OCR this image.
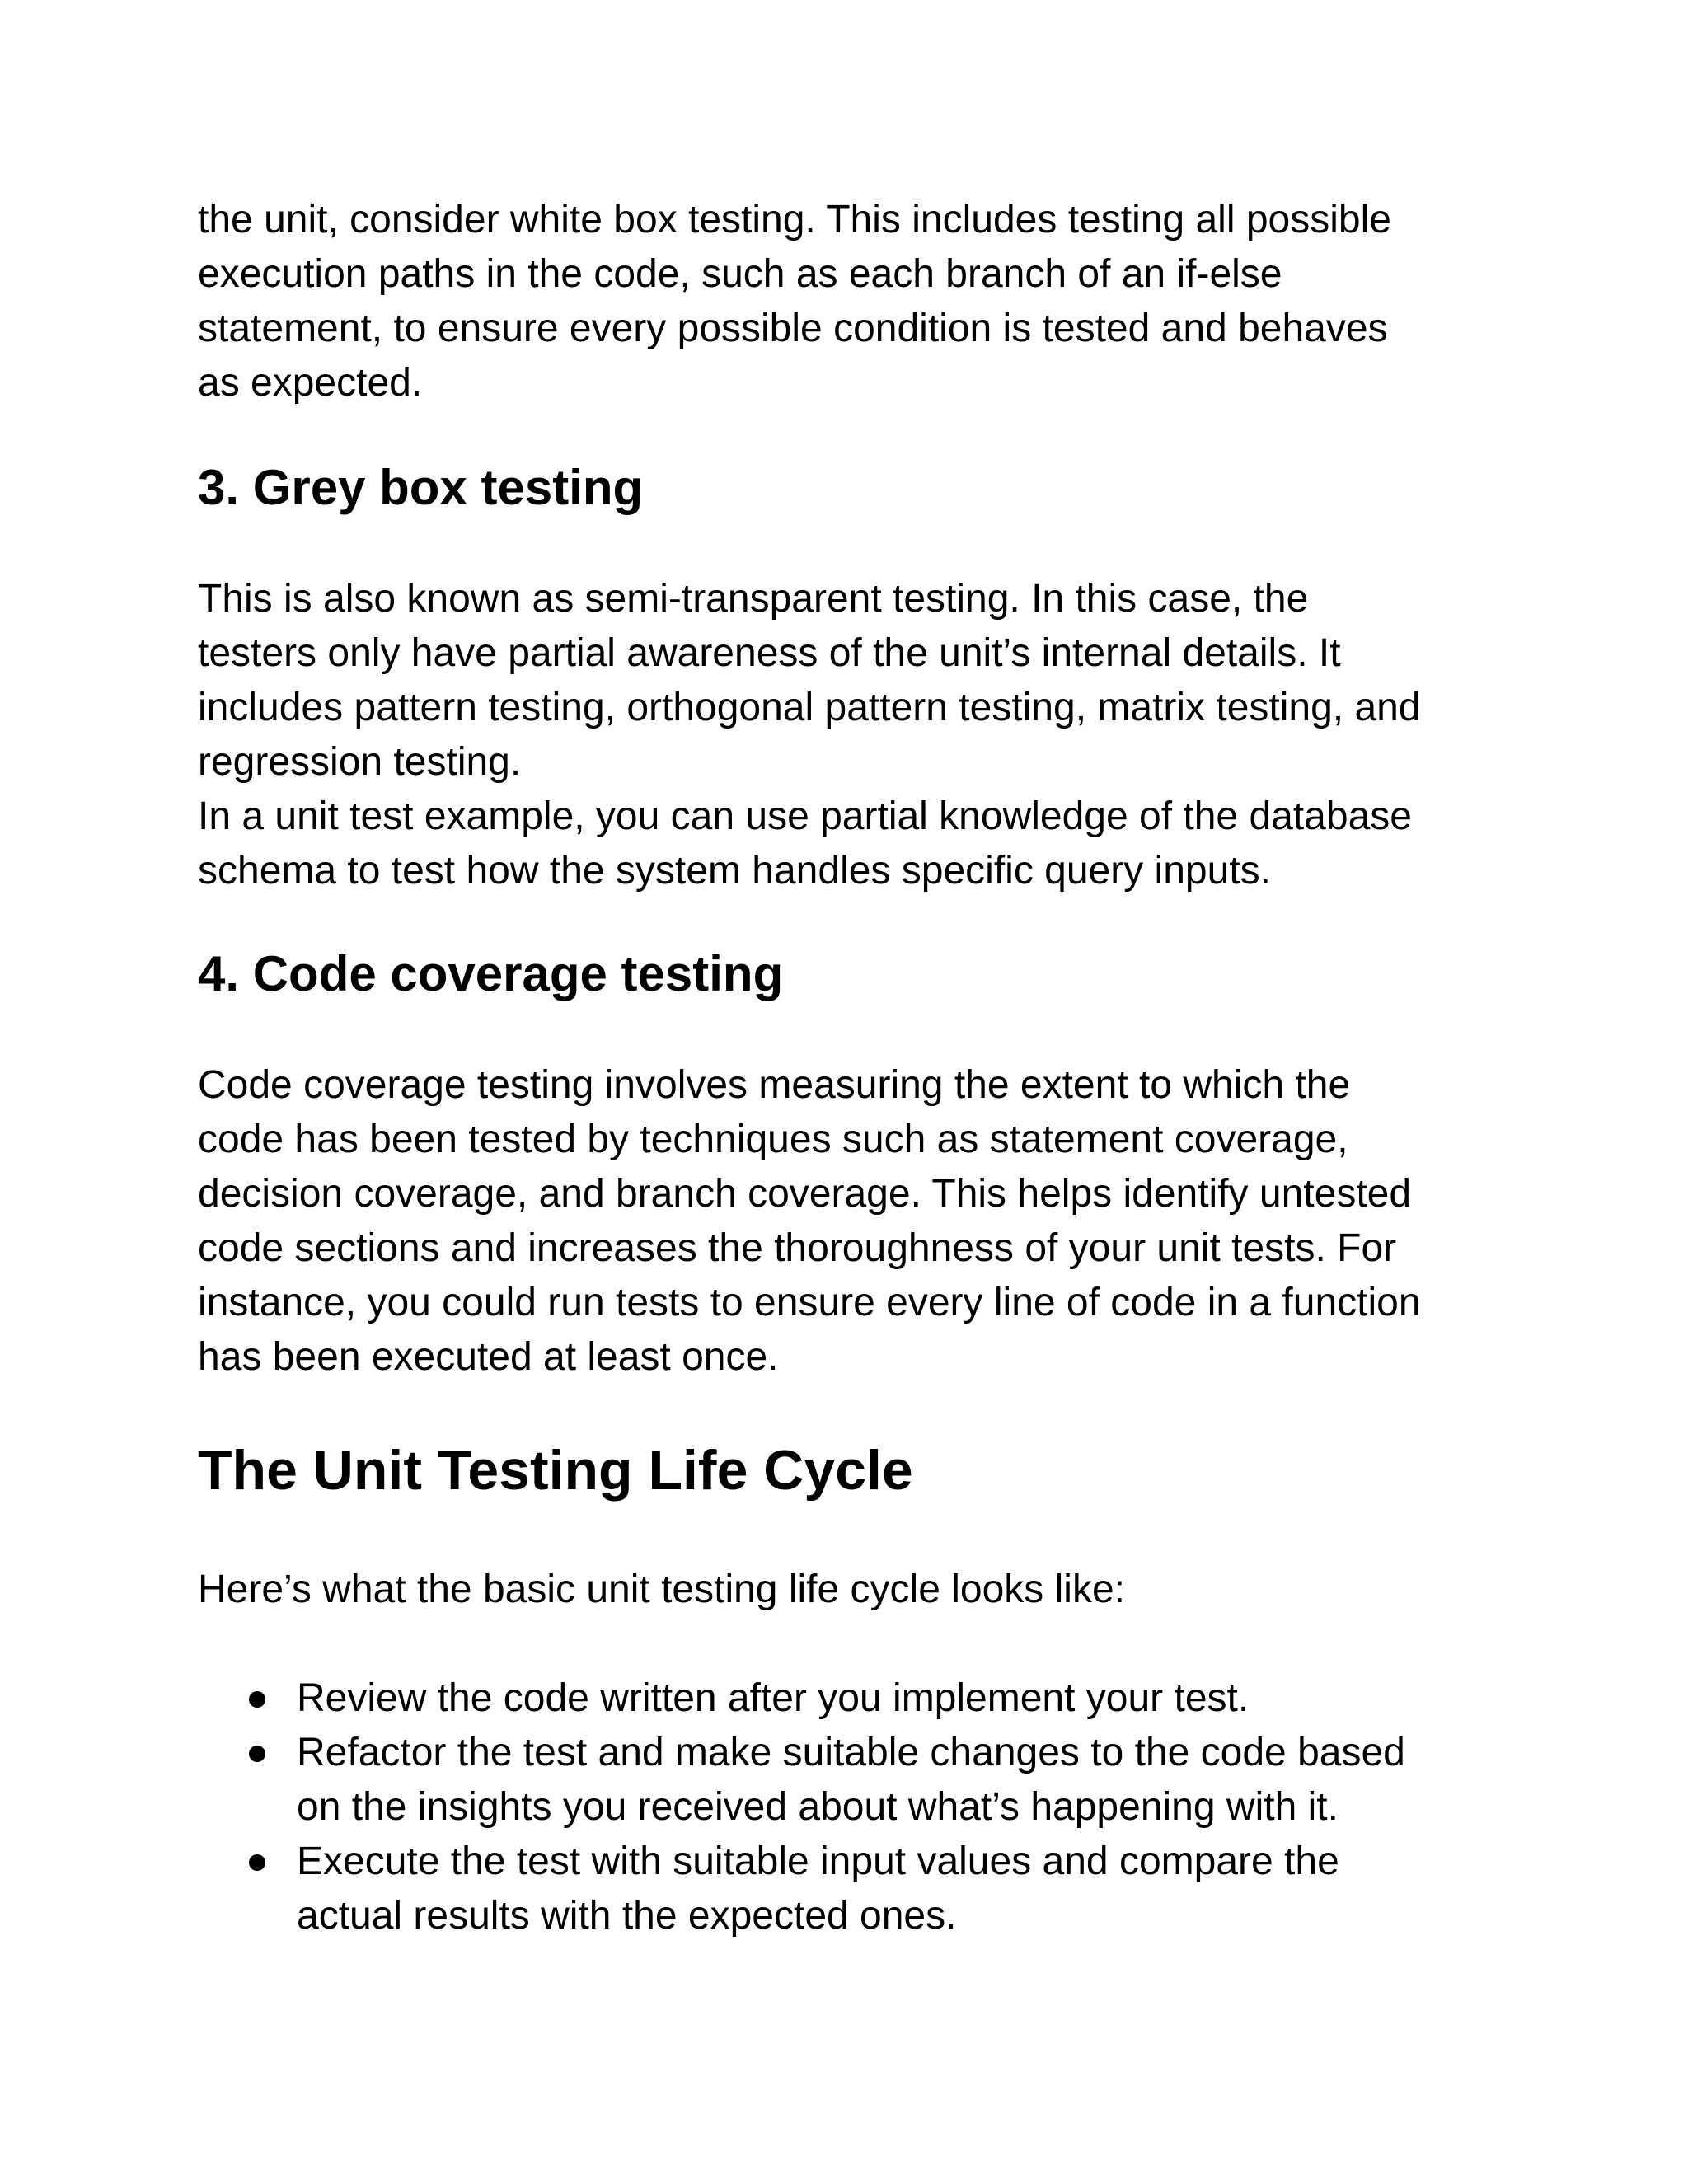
the unit, consider white box testing. This includes testing all possible
execution paths in the code, such as each branch of an if-else
statement, to ensure every possible condition is tested and behaves
as expected.

3. Grey box testing

This is also known as semi-transparent testing. In this case, the
testers only have partial awareness of the unit’s internal details. It
includes pattern testing, orthogonal pattern testing, matrix testing, and
regression testing.
In a unit test example, you can use partial knowledge of the database
schema to test how the system handles specific query inputs.

4. Code coverage testing

Code coverage testing involves measuring the extent to which the
code has been tested by techniques such as statement coverage,
decision coverage, and branch coverage. This helps identify untested
code sections and increases the thoroughness of your unit tests. For
instance, you could run tests to ensure every line of code in a function
has been executed at least once.

The Unit Testing Life Cycle

Here’s what the basic unit testing life cycle looks like:

Review the code written after you implement your test.
Refactor the test and make suitable changes to the code based
on the insights you received about what’s happening with it.
Execute the test with suitable input values and compare the
actual results with the expected ones.
